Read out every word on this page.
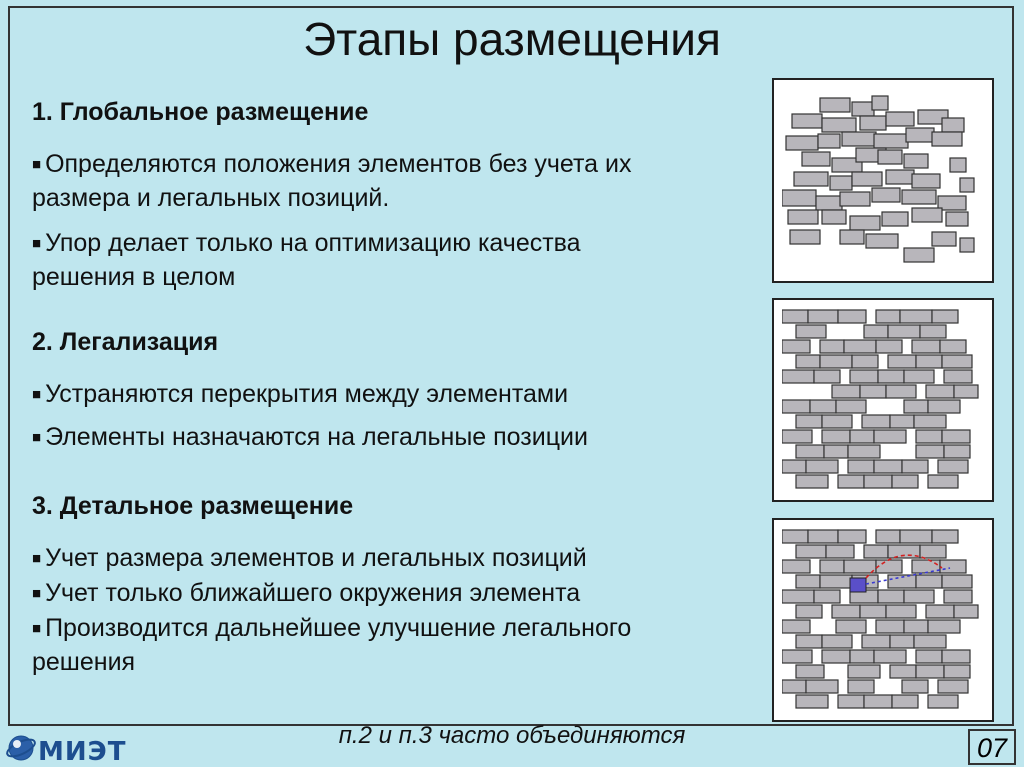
Этапы размещения
1. Глобальное размещение
■ Определяются положения элементов без учета их
размера и легальных позиций.
■ Упор делает только на оптимизацию качества
решения в целом
2. Легализация
■ Устраняются перекрытия между элементами
■ Элементы назначаются на легальные позиции
3. Детальное размещение
■ Учет размера элементов и легальных позиций
■ Учет только ближайшего окружения элемента
■ Производится дальнейшее улучшение легального
решения
п.2 и п.3 часто объединяются
МИЭТ	07
